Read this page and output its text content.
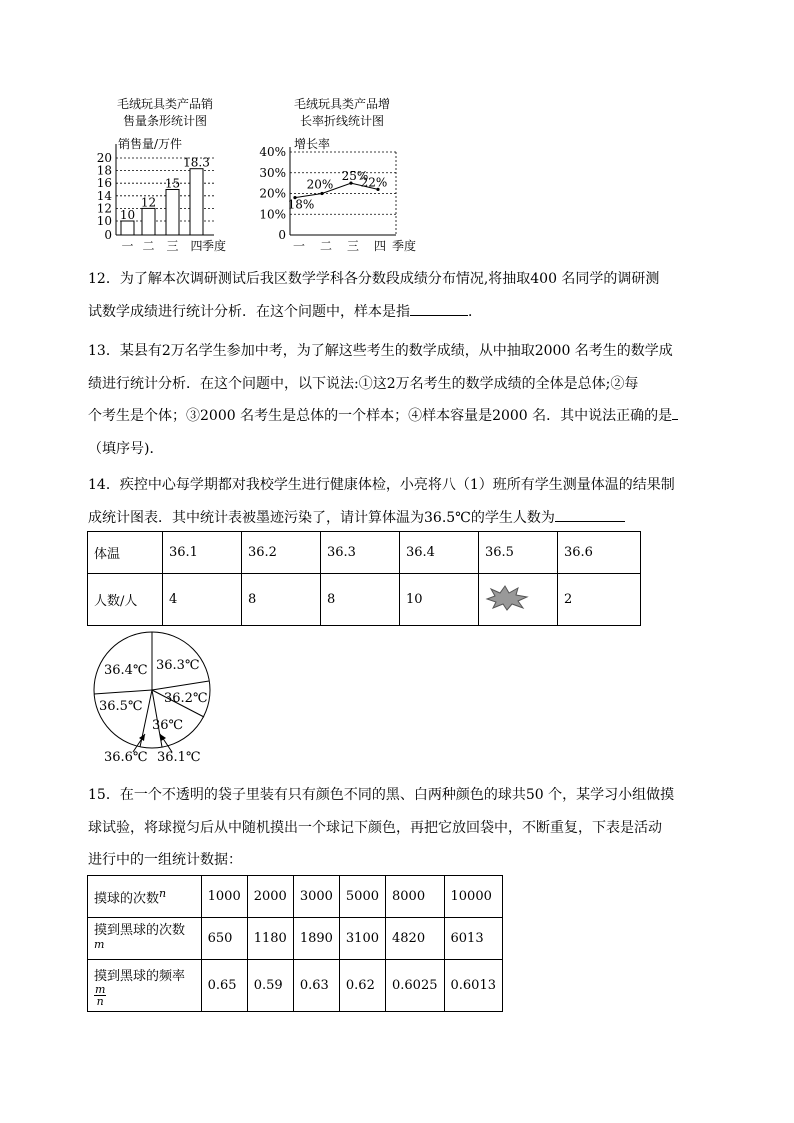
毛绒玩具类产品销
售量条形统计图
销售量/万件
0
10
12
14
16
18
20
10
12
15
18.3
一 二 三 四 季度
毛绒玩具类产品增
长率折线统计图
增长率
0
10%
20%
30%
40%
18%
20%
25%
22%
一 二 三 四 季度
12．为了解本次调研测试后我区数学学科各分数段成绩分布情况,将抽取400 名同学的调研测
试数学成绩进行统计分析．在这个问题中，样本是指	．
13．某县有2万名学生参加中考，为了解这些考生的数学成绩，从中抽取2000 名考生的数学成
绩进行统计分析．在这个问题中，以下说法:①这2万名考生的数学成绩的全体是总体;②每
个考生是个体；③2000 名考生是总体的一个样本；④样本容量是2000 名．其中说法正确的是
（填序号)．
14．疾控中心每学期都对我校学生进行健康体检，小亮将八（1）班所有学生测量体温的结果制
成统计图表．其中统计表被墨迹污染了，请计算体温为36.5℃的学生人数为
体温	36.1	36.2	36.3	36.4	36.5	36.6
人数/人	4	8	8	10		2
36.4℃ 36.3℃
36.2℃
36℃
36.1℃
36.6℃
36.5℃
15．在一个不透明的袋子里装有只有颜色不同的黑、白两种颜色的球共50 个，某学习小组做摸
球试验，将球搅匀后从中随机摸出一个球记下颜色，再把它放回袋中，不断重复，下表是活动
进行中的一组统计数据：
摸球的次数$^n$	1000	2000	3000	5000	8000	10000
摸到黑球的次数$^m$	650	1180	1890	3100	4820	6013
摸到黑球的频率
$\frac{m}{n}$	0.65	0.59	0.63	0.62	0.6025	0.6013
